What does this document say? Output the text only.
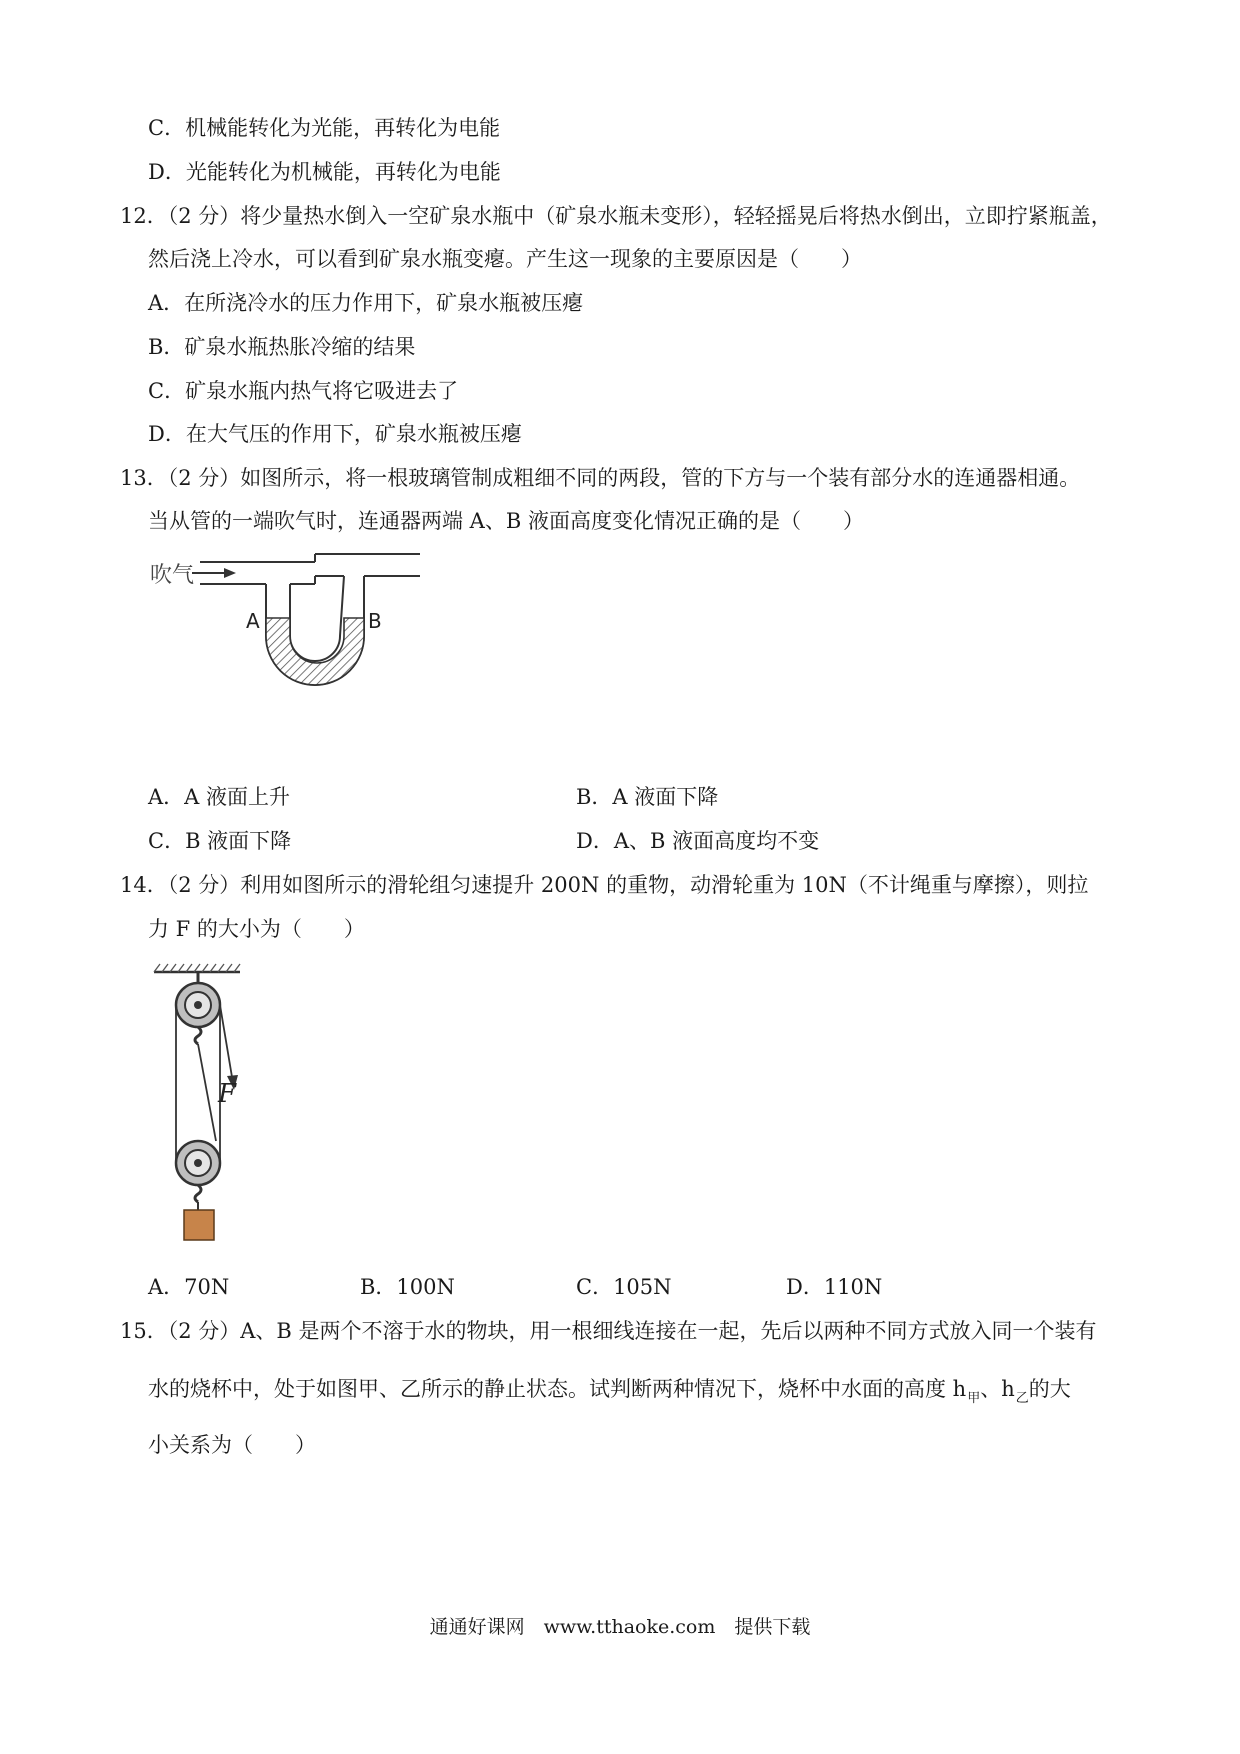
C．机械能转化为光能，再转化为电能
D．光能转化为机械能，再转化为电能
12．（2 分）将少量热水倒入一空矿泉水瓶中（矿泉水瓶未变形），轻轻摇晃后将热水倒出，立即拧紧瓶盖，
然后浇上冷水，可以看到矿泉水瓶变瘪。产生这一现象的主要原因是（　　）
A．在所浇冷水的压力作用下，矿泉水瓶被压瘪
B．矿泉水瓶热胀冷缩的结果
C．矿泉水瓶内热气将它吸进去了
D．在大气压的作用下，矿泉水瓶被压瘪
13．（2 分）如图所示，将一根玻璃管制成粗细不同的两段，管的下方与一个装有部分水的连通器相通。
当从管的一端吹气时，连通器两端 A、B 液面高度变化情况正确的是（　　）
吹气
A	B
A．A 液面上升	B．A 液面下降
C．B 液面下降	D．A、B 液面高度均不变
14．（2 分）利用如图所示的滑轮组匀速提升 200N 的重物，动滑轮重为 10N（不计绳重与摩擦），则拉
力 F 的大小为（　　）
F
A．70N	B．100N	C．105N	D．110N
15．（2 分）A、B 是两个不溶于水的物块，用一根细线连接在一起，先后以两种不同方式放入同一个装有
水的烧杯中，处于如图甲、乙所示的静止状态。试判断两种情况下，烧杯中水面的高度 $h_甲$、$h_乙$的大
小关系为（　　）
通通好课网　www.tthaoke.com　提供下载
